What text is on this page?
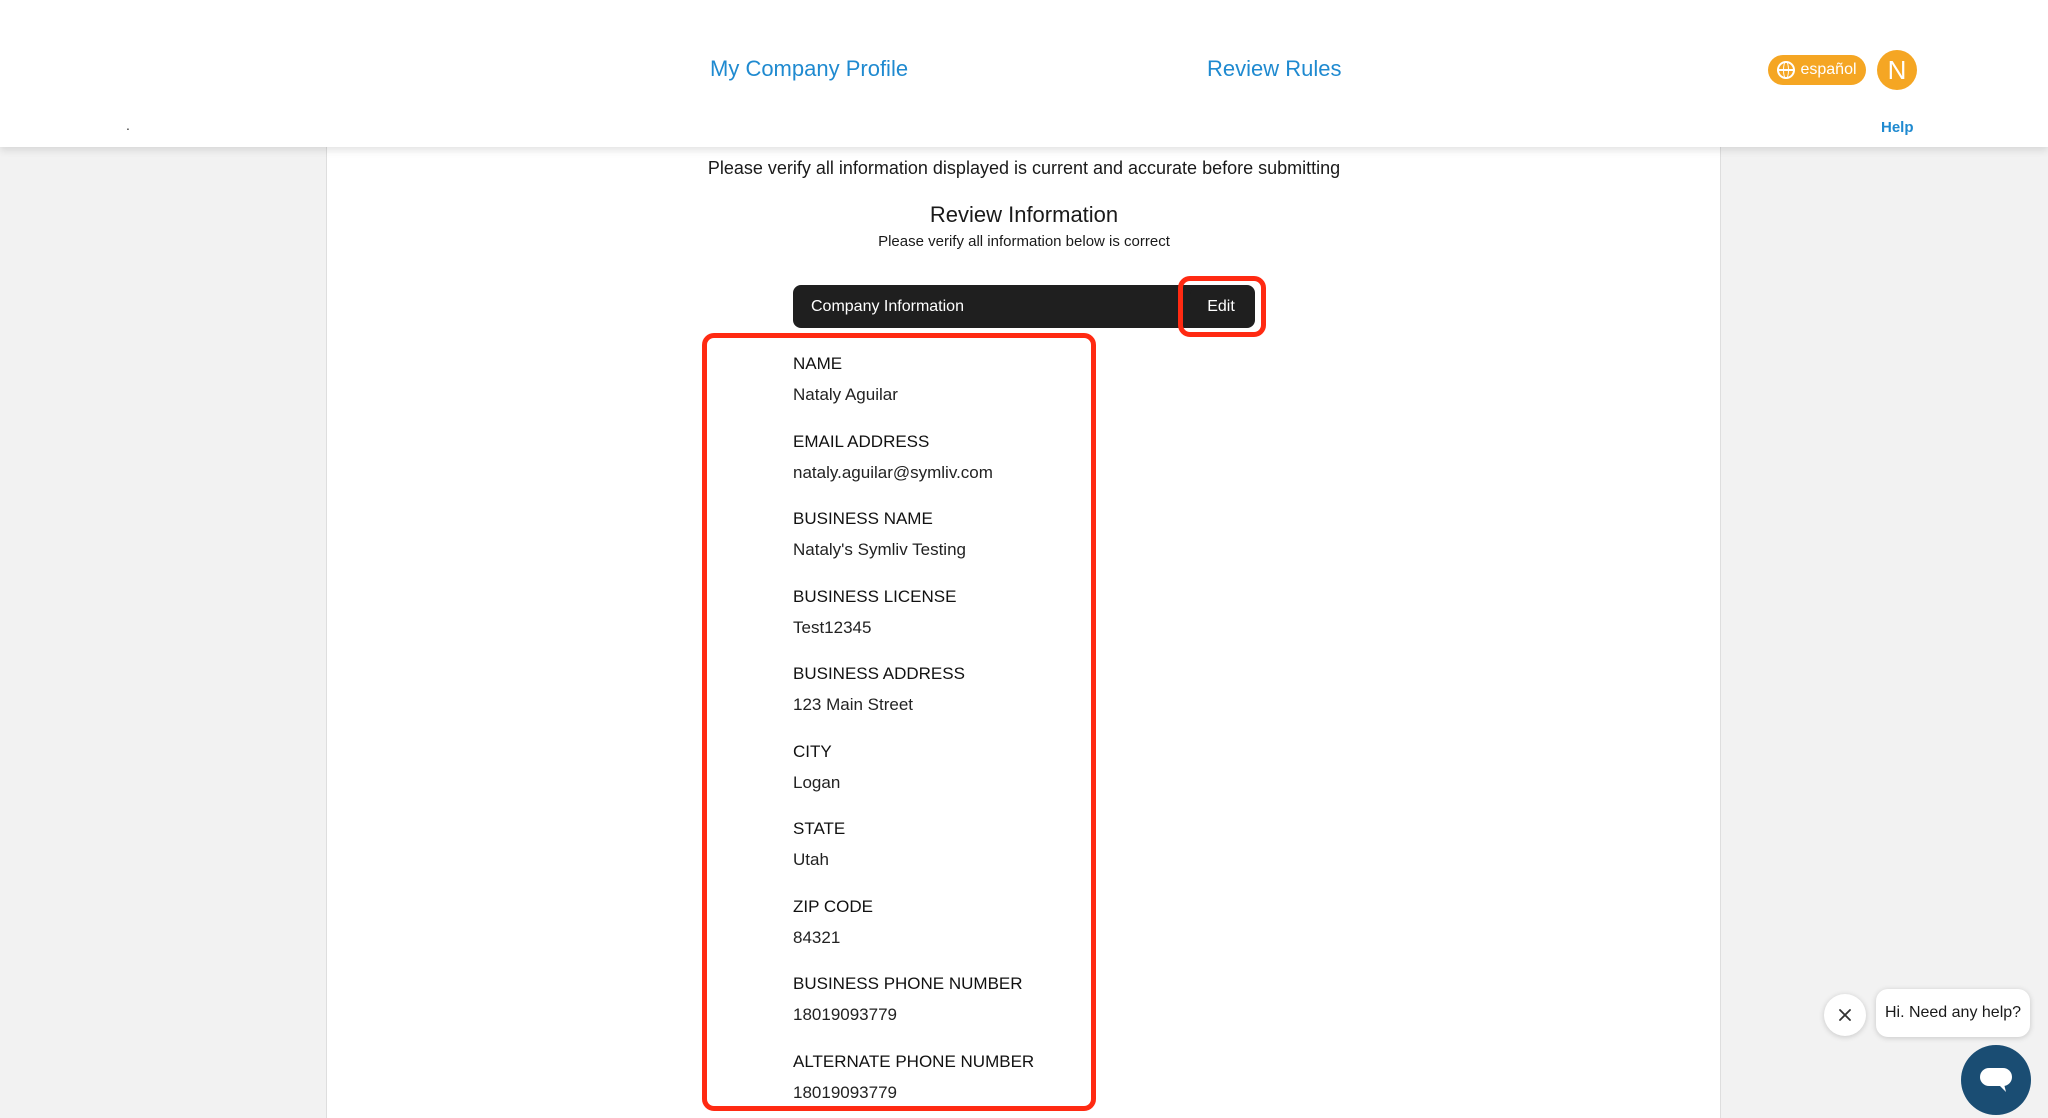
.
My Company Profile	Review Rules	español	N
Help
Please verify all information displayed is current and accurate before submitting
Review Information
Please verify all information below is correct
Company Information	Edit
NAME
Nataly Aguilar
EMAIL ADDRESS
nataly.aguilar@symliv.com
BUSINESS NAME
Nataly's Symliv Testing
BUSINESS LICENSE
Test12345
BUSINESS ADDRESS
123 Main Street
CITY
Logan
STATE
Utah
ZIP CODE
84321
BUSINESS PHONE NUMBER
18019093779
ALTERNATE PHONE NUMBER
18019093779
Hi. Need any help?
